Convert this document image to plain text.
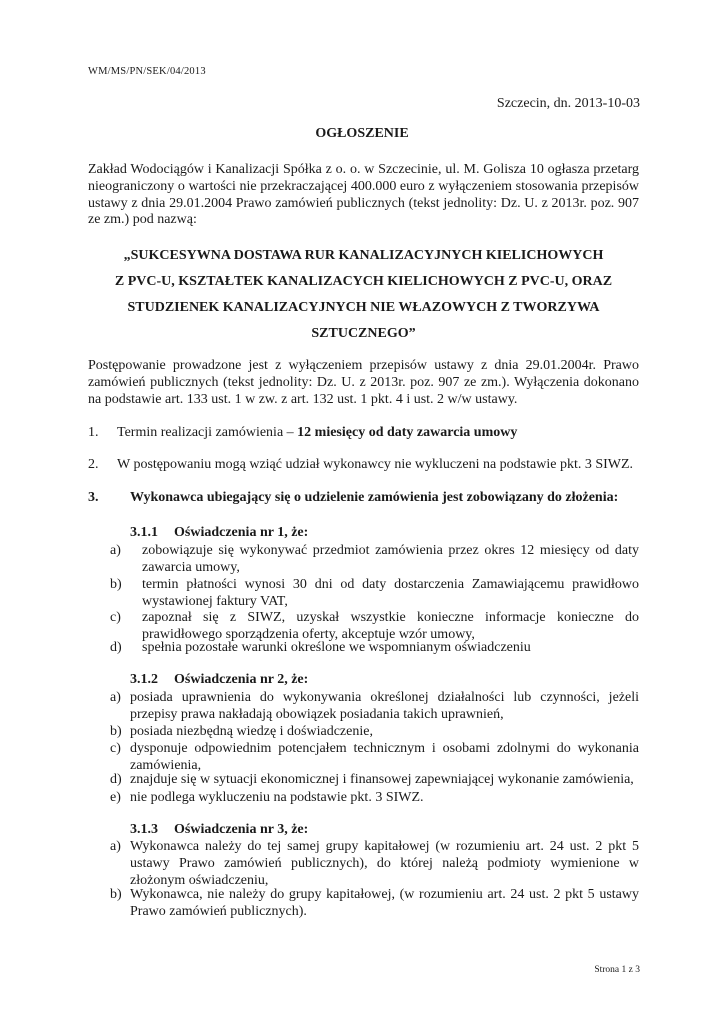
WM/MS/PN/SEK/04/2013
Szczecin, dn. 2013-10-03
OGŁOSZENIE
Zakład Wodociągów i Kanalizacji Spółka z o. o. w Szczecinie, ul. M. Golisza 10 ogłasza przetarg nieograniczony o wartości nie przekraczającej 400.000 euro z wyłączeniem stosowania przepisów ustawy z dnia 29.01.2004 Prawo zamówień publicznych (tekst jednolity: Dz. U. z 2013r. poz. 907 ze zm.) pod nazwą:
„SUKCESYWNA DOSTAWA RUR KANALIZACYJNYCH KIELICHOWYCH
Z PVC-U, KSZTAŁTEK KANALIZACYCH KIELICHOWYCH Z PVC-U, ORAZ
STUDZIENEK KANALIZACYJNYCH NIE WŁAZOWYCH Z TWORZYWA
SZTUCZNEGO”
Postępowanie prowadzone jest z wyłączeniem przepisów ustawy z dnia 29.01.2004r. Prawo zamówień publicznych (tekst jednolity: Dz. U. z 2013r. poz. 907 ze zm.). Wyłączenia dokonano na podstawie art. 133 ust. 1 w zw. z art. 132 ust. 1 pkt. 4 i ust. 2 w/w ustawy.
1. Termin realizacji zamówienia – 12 miesięcy od daty zawarcia umowy
2. W postępowaniu mogą wziąć udział wykonawcy nie wykluczeni na podstawie pkt. 3 SIWZ.
3. Wykonawca ubiegający się o udzielenie zamówienia jest zobowiązany do złożenia:
3.1.1 Oświadczenia nr 1, że:
a) zobowiązuje się wykonywać przedmiot zamówienia przez okres 12 miesięcy od daty zawarcia umowy,
b) termin płatności wynosi 30 dni od daty dostarczenia Zamawiającemu prawidłowo wystawionej faktury VAT,
c) zapoznał się z SIWZ, uzyskał wszystkie konieczne informacje konieczne do prawidłowego sporządzenia oferty, akceptuje wzór umowy,
d) spełnia pozostałe warunki określone we wspomnianym oświadczeniu
3.1.2 Oświadczenia nr 2, że:
a) posiada uprawnienia do wykonywania określonej działalności lub czynności, jeżeli przepisy prawa nakładają obowiązek posiadania takich uprawnień,
b) posiada niezbędną wiedzę i doświadczenie,
c) dysponuje odpowiednim potencjałem technicznym i osobami zdolnymi do wykonania zamówienia,
d) znajduje się w sytuacji ekonomicznej i finansowej zapewniającej wykonanie zamówienia,
e) nie podlega wykluczeniu na podstawie pkt. 3 SIWZ.
3.1.3 Oświadczenia nr 3, że:
a) Wykonawca należy do tej samej grupy kapitałowej (w rozumieniu art. 24 ust. 2 pkt 5 ustawy Prawo zamówień publicznych), do której należą podmioty wymienione w złożonym oświadczeniu,
b) Wykonawca, nie należy do grupy kapitałowej, (w rozumieniu art. 24 ust. 2 pkt 5 ustawy Prawo zamówień publicznych).
Strona 1 z 3
